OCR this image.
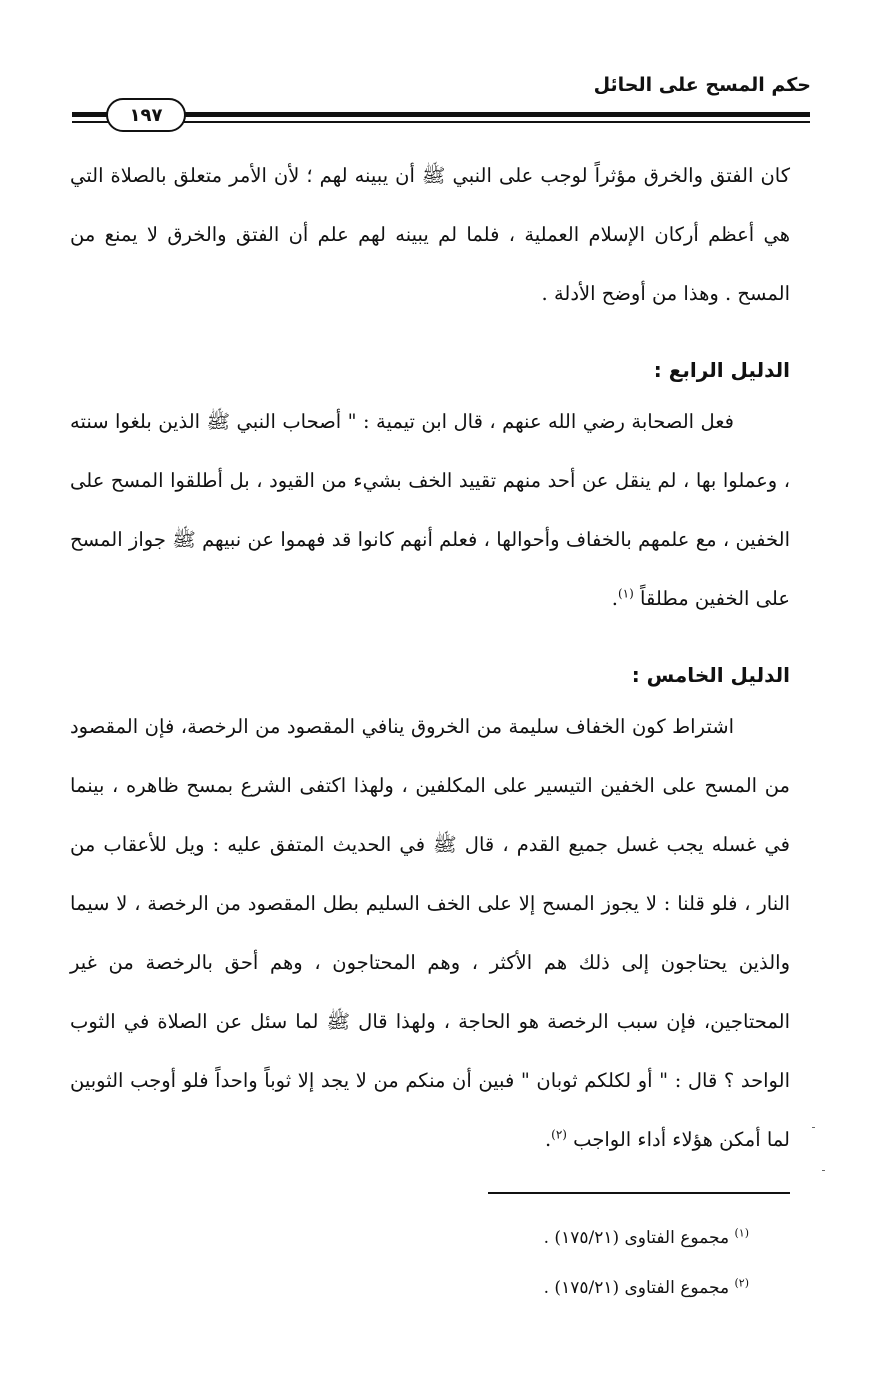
حكم المسح على الحائل
١٩٧

كان الفتق والخرق مؤثراً لوجب على النبي ﷺ أن يبينه لهم ؛ لأن الأمر متعلق بالصلاة التي هي أعظم أركان الإسلام العملية ، فلما لم يبينه لهم علم أن الفتق والخرق لا يمنع من المسح . وهذا من أوضح الأدلة .

الدليل الرابع :

فعل الصحابة رضي الله عنهم ، قال ابن تيمية : " أصحاب النبي ﷺ الذين بلغوا سنته ، وعملوا بها ، لم ينقل عن أحد منهم تقييد الخف بشيء من القيود ، بل أطلقوا المسح على الخفين ، مع علمهم بالخفاف وأحوالها ، فعلم أنهم كانوا قد فهموا عن نبيهم ﷺ جواز المسح على الخفين مطلقاً $^{(١)}$.

الدليل الخامس :

اشتراط كون الخفاف سليمة من الخروق ينافي المقصود من الرخصة، فإن المقصود من المسح على الخفين التيسير على المكلفين ، ولهذا اكتفى الشرع بمسح ظاهره ، بينما في غسله يجب غسل جميع القدم ، قال ﷺ في الحديث المتفق عليه : ويل للأعقاب من النار ، فلو قلنا : لا يجوز المسح إلا على الخف السليم بطل المقصود من الرخصة ، لا سيما والذين يحتاجون إلى ذلك هم الأكثر ، وهم المحتاجون ، وهم أحق بالرخصة من غير المحتاجين، فإن سبب الرخصة هو الحاجة ، ولهذا قال ﷺ لما سئل عن الصلاة في الثوب الواحد ؟ قال : " أو لكلكم ثوبان " فبين أن منكم من لا يجد إلا ثوباً واحداً فلو أوجب الثوبين لما أمكن هؤلاء أداء الواجب $^{(٢)}$.

$^{(١)}$ مجموع الفتاوى (١٧٥/٢١) .

$^{(٢)}$ مجموع الفتاوى (١٧٥/٢١) .
